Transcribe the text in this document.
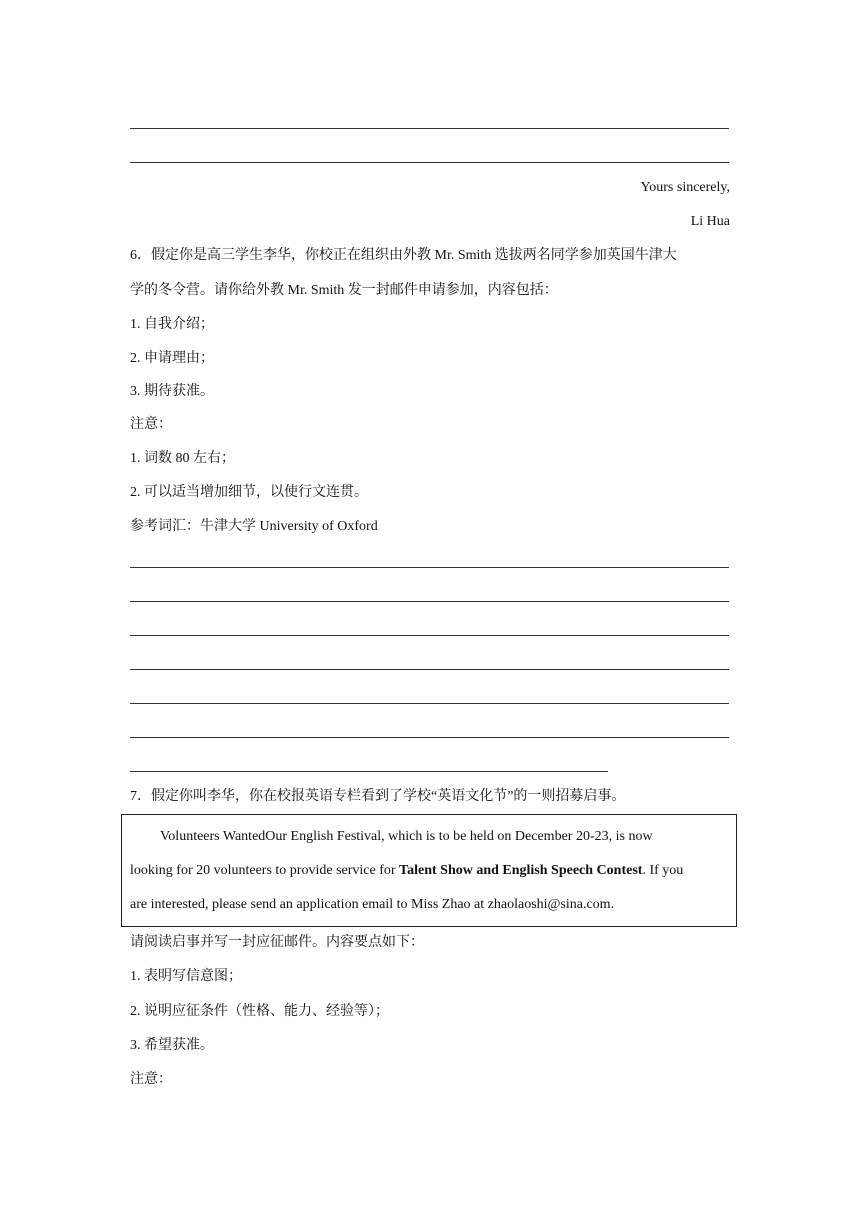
Yours sincerely,
Li Hua
6．假定你是高三学生李华，你校正在组织由外教 Mr. Smith 选拔两名同学参加英国牛津大
学的冬令营。请你给外教 Mr. Smith 发一封邮件申请参加，内容包括：
1. 自我介绍；
2. 申请理由；
3. 期待获准。
注意：
1. 词数 80 左右；
2. 可以适当增加细节，以使行文连贯。
参考词汇：牛津大学 University of Oxford
7．假定你叫李华，你在校报英语专栏看到了学校“英语文化节”的一则招募启事。
Volunteers WantedOur English Festival, which is to be held on December 20-23, is now
looking for 20 volunteers to provide service for Talent Show and English Speech Contest. If you
are interested, please send an application email to Miss Zhao at zhaolaoshi@sina.com.
请阅读启事并写一封应征邮件。内容要点如下：
1. 表明写信意图；
2. 说明应征条件（性格、能力、经验等）；
3. 希望获准。
注意：
